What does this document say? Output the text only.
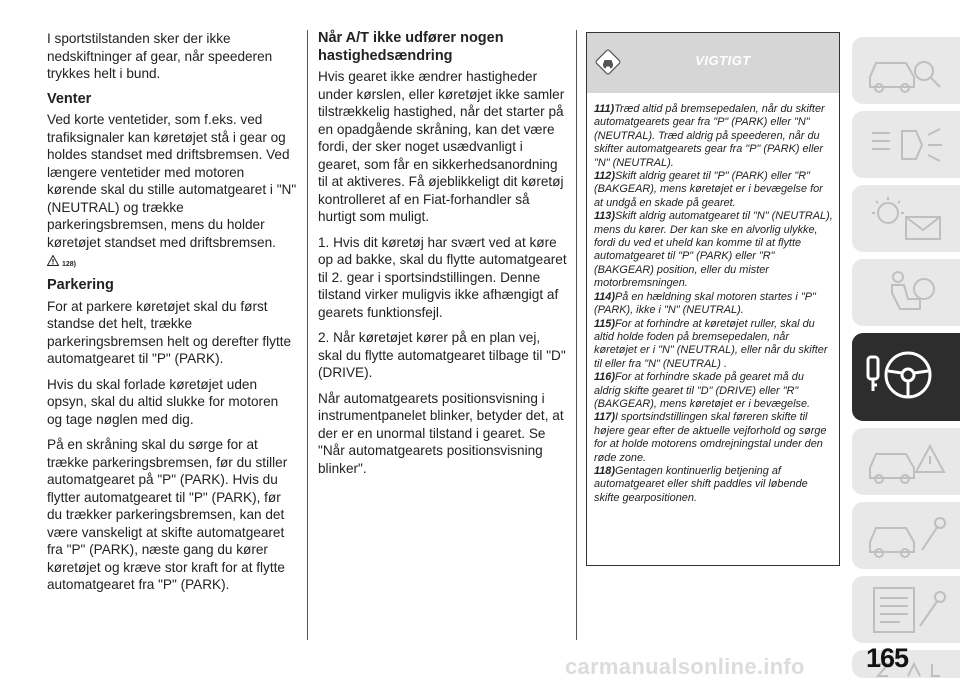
I sportstilstanden sker der ikke nedskiftninger af gear, når speederen trykkes helt i bund.

Venter

Ved korte ventetider, som f.eks. ved trafiksignaler kan køretøjet stå i gear og holdes standset med driftsbremsen. Ved længere ventetider med motoren kørende skal du stille automatgearet i "N" (NEUTRAL) og trække parkeringsbremsen, mens du holder køretøjet standset med driftsbremsen.

128)
Parkering

For at parkere køretøjet skal du først standse det helt, trække parkeringsbremsen helt og derefter flytte automatgearet til "P" (PARK).

Hvis du skal forlade køretøjet uden opsyn, skal du altid slukke for motoren og tage nøglen med dig.

På en skråning skal du sørge for at trække parkeringsbremsen, før du stiller automatgearet på "P" (PARK). Hvis du flytter automatgearet til "P" (PARK), før du trækker parkeringsbremsen, kan det være vanskeligt at skifte automatgearet fra "P" (PARK), næste gang du kører køretøjet og kræve stor kraft for at flytte automatgearet fra "P" (PARK).

Når A/T ikke udfører nogen hastighedsændring

Hvis gearet ikke ændrer hastigheder under kørslen, eller køretøjet ikke samler tilstrækkelig hastighed, når det starter på en opadgående skråning, kan det være fordi, der sker noget usædvanligt i gearet, som får en sikkerhedsanordning til at aktiveres. Få øjeblikkeligt dit køretøj kontrolleret af en Fiat-forhandler så hurtigt som muligt.

1. Hvis dit køretøj har svært ved at køre op ad bakke, skal du flytte automatgearet til 2. gear i sportsindstillingen. Denne tilstand virker muligvis ikke afhængigt af gearets funktionsfejl.

2. Når køretøjet kører på en plan vej, skal du flytte automatgearet tilbage til "D" (DRIVE).

Når automatgearets positionsvisning i instrumentpanelet blinker, betyder det, at der er en unormal tilstand i gearet. Se "Når automatgearets positionsvisning blinker".

VIGTIGT

111)Træd altid på bremsepedalen, når du skifter automatgearets gear fra "P" (PARK) eller "N" (NEUTRAL). Træd aldrig på speederen, når du skifter automatgearets gear fra "P" (PARK) eller "N" (NEUTRAL).

112)Skift aldrig gearet til "P" (PARK) eller "R" (BAKGEAR), mens køretøjet er i bevægelse for at undgå en skade på gearet.

113)Skift aldrig automatgearet til "N" (NEUTRAL), mens du kører. Der kan ske en alvorlig ulykke, fordi du ved et uheld kan komme til at flytte automatgearet til "P" (PARK) eller "R" (BAKGEAR) position, eller du mister motorbremsningen.

114)På en hældning skal motoren startes i "P" (PARK), ikke i "N" (NEUTRAL).

115)For at forhindre at køretøjet ruller, skal du altid holde foden på bremsepedalen, når køretøjet er i "N" (NEUTRAL), eller når du skifter til eller fra "N" (NEUTRAL) .

116)For at forhindre skade på gearet må du aldrig skifte gearet til "D" (DRIVE) eller "R" (BAKGEAR), mens køretøjet er i bevægelse.

117)I sportsindstillingen skal føreren skifte til højere gear efter de aktuelle vejforhold og sørge for at holde motorens omdrejningstal under den røde zone.

118)Gentagen kontinuerlig betjening af automatgearet eller shift paddles vil løbende skifte gearpositionen.

165
carmanualsonline.info
